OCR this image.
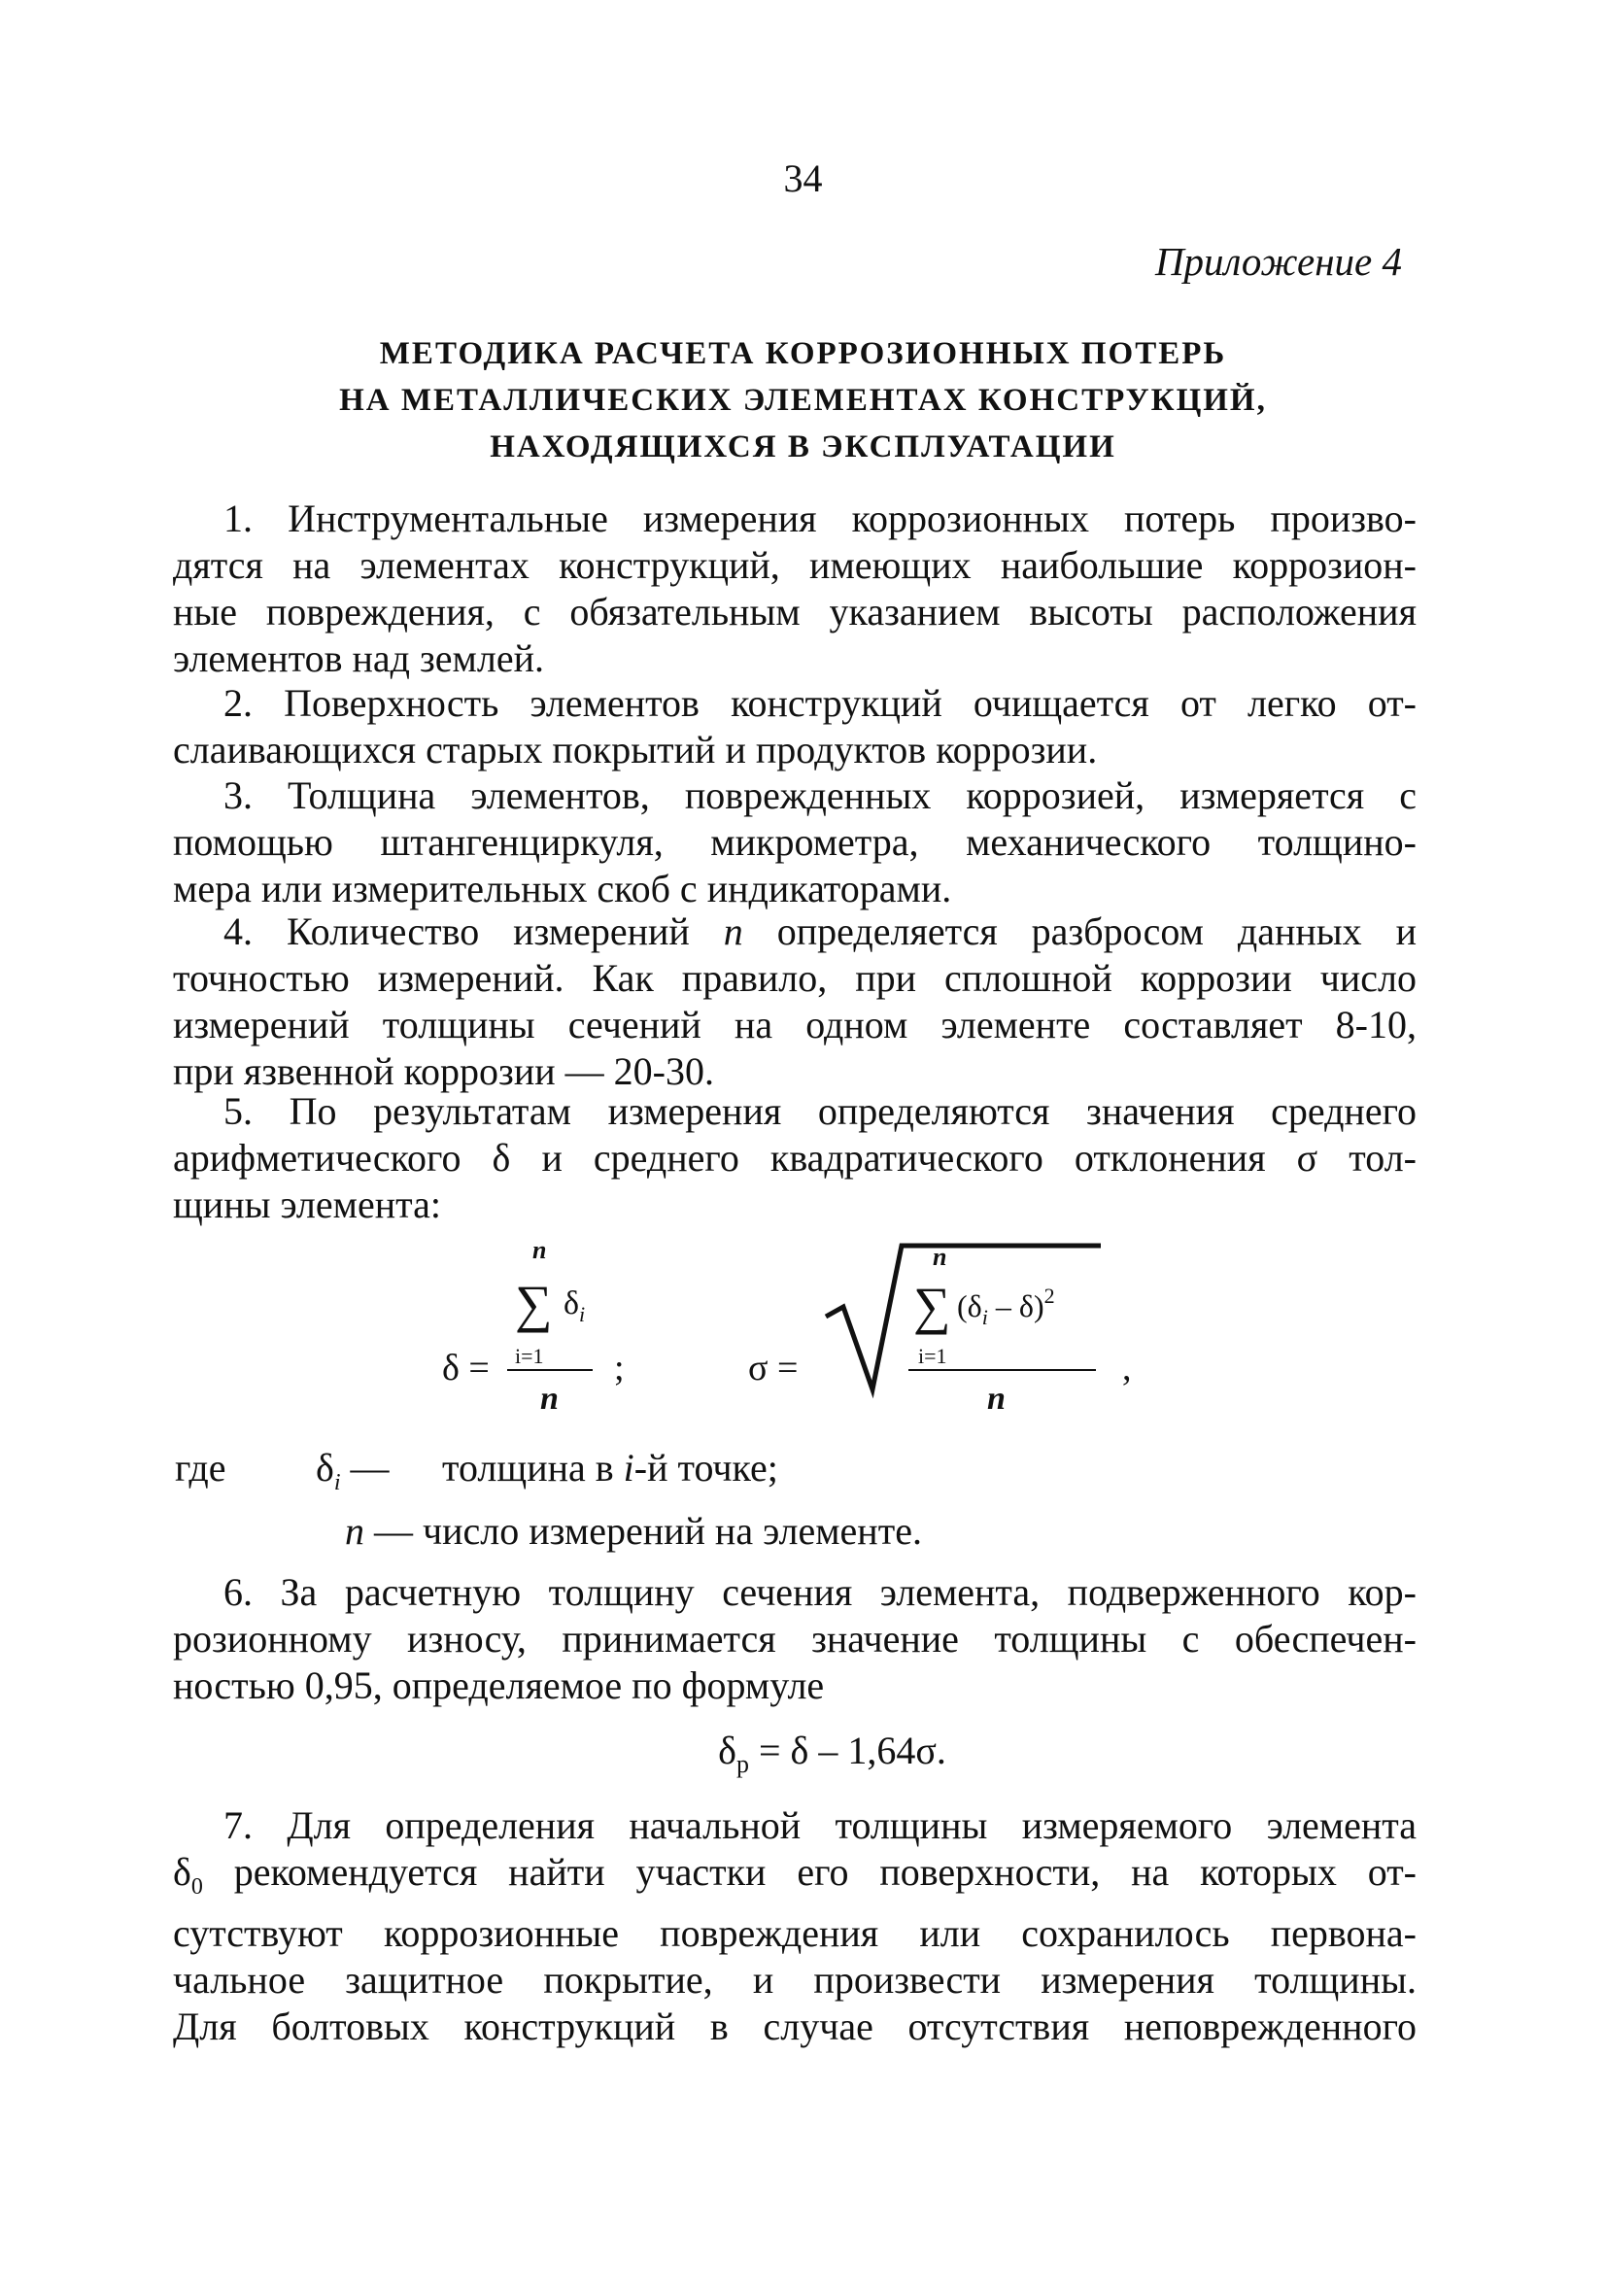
34
Приложение 4
МЕТОДИКА РАСЧЕТА КОРРОЗИОННЫХ ПОТЕРЬ
НА МЕТАЛЛИЧЕСКИХ ЭЛЕМЕНТАХ КОНСТРУКЦИЙ,
НАХОДЯЩИХСЯ В ЭКСПЛУАТАЦИИ
1. Инструментальные измерения коррозионных потерь произво-
дятся на элементах конструкций, имеющих наибольшие коррозион-
ные повреждения, с обязательным указанием высоты расположения
элементов над землей.
2. Поверхность элементов конструкций очищается от легко от-
слаивающихся старых покрытий и продуктов коррозии.
3. Толщина элементов, поврежденных коррозией, измеряется с
помощью штангенциркуля, микрометра, механического толщино-
мера или измерительных скоб с индикаторами.
4. Количество измерений n определяется разбросом данных и
точностью измерений. Как правило, при сплошной коррозии число
измерений толщины сечений на одном элементе составляет 8-10,
при язвенной коррозии — 20-30.
5. По результатам измерения определяются значения среднего
арифметического δ и среднего квадратического отклонения σ тол-
щины элемента:
n
∑ $\delta_i$
i=1
δ =
n
;	σ =
n
∑ $(\delta_i - \delta)^2$
i=1
n
,
где $\delta_i$ — толщина в i-й точке;
n — число измерений на элементе.
6. За расчетную толщину сечения элемента, подверженного кор-
розионному износу, принимается значение толщины с обеспечен-
ностью 0,95, определяемое по формуле
$\delta_р = \delta - 1,64\sigma$.
7. Для определения начальной толщины измеряемого элемента
$\delta_0$ рекомендуется найти участки его поверхности, на которых от-
сутствуют коррозионные повреждения или сохранилось первона-
чальное защитное покрытие, и произвести измерения толщины.
Для болтовых конструкций в случае отсутствия неповрежденного
